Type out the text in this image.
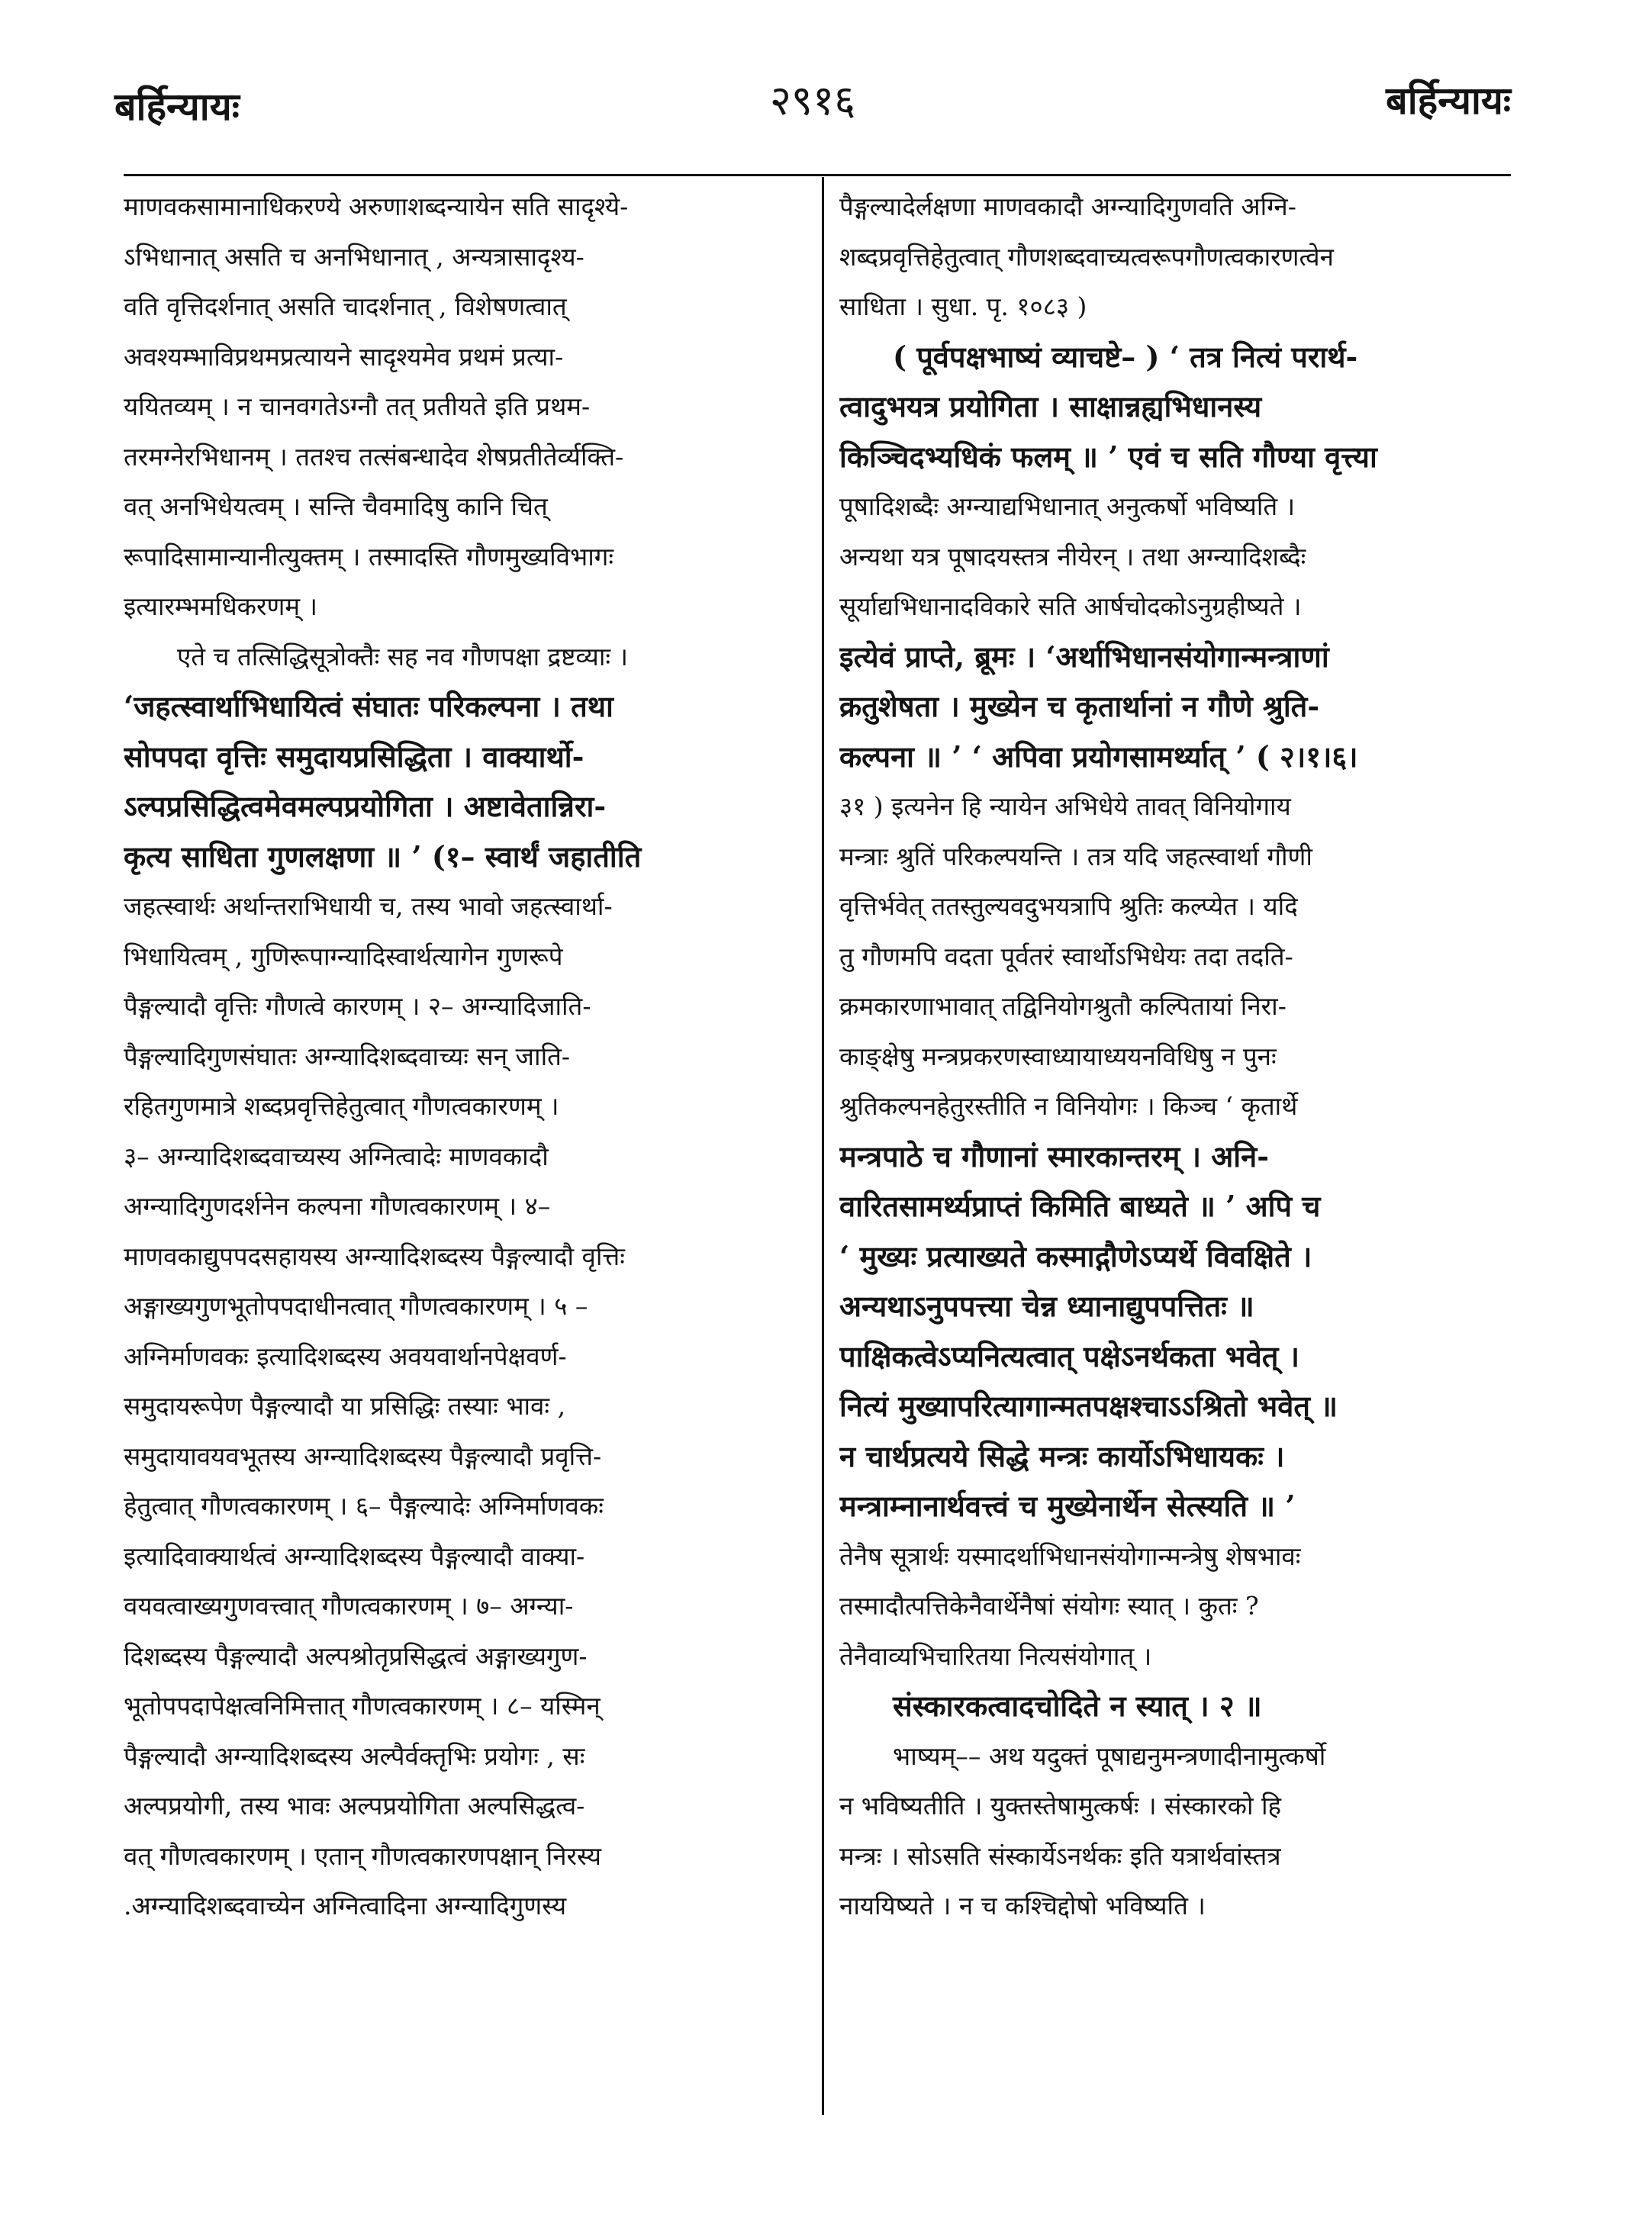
बर्हिन्यायः	२९१६	बर्हिन्यायः
माणवकसामानाधिकरण्ये अरुणाशब्दन्यायेन सति सादृश्ये-
ऽभिधानात् असति च अनभिधानात् , अन्यत्रासादृश्य-
वति वृत्तिदर्शनात् असति चादर्शनात् , विशेषणत्वात्
अवश्यम्भाविप्रथमप्रत्यायने सादृश्यमेव प्रथमं प्रत्या-
ययितव्यम् । न चानवगतेऽग्नौ तत् प्रतीयते इति प्रथम-
तरमग्नेरभिधानम् । ततश्च तत्संबन्धादेव शेषप्रतीतेर्व्यक्ति-
वत् अनभिधेयत्वम् । सन्ति चैवमादिषु कानि चित्
रूपादिसामान्यानीत्युक्तम् । तस्मादस्ति गौणमुख्यविभागः
इत्यारम्भमधिकरणम् ।
एते च तत्सिद्धिसूत्रोक्तैः सह नव गौणपक्षा द्रष्टव्याः ।
‘जहत्स्वार्थाभिधायित्वं संघातः परिकल्पना । तथा
सोपपदा वृत्तिः समुदायप्रसिद्धिता । वाक्यार्थो-
ऽल्पप्रसिद्धित्वमेवमल्पप्रयोगिता । अष्टावेतान्निरा-
कृत्य साधिता गुणलक्षणा ॥ ’ (१– स्वार्थं जहातीति
जहत्स्वार्थः अर्थान्तराभिधायी च, तस्य भावो जहत्स्वार्था-
भिधायित्वम् , गुणिरूपाग्न्यादिस्वार्थत्यागेन गुणरूपे
पैङ्गल्यादौ वृत्तिः गौणत्वे कारणम् । २– अग्न्यादिजाति-
पैङ्गल्यादिगुणसंघातः अग्न्यादिशब्दवाच्यः सन् जाति-
रहितगुणमात्रे शब्दप्रवृत्तिहेतुत्वात् गौणत्वकारणम् ।
३– अग्न्यादिशब्दवाच्यस्य अग्नित्वादेः माणवकादौ
अग्न्यादिगुणदर्शनेन कल्पना गौणत्वकारणम् । ४–
माणवकाद्युपपदसहायस्य अग्न्यादिशब्दस्य पैङ्गल्यादौ वृत्तिः
अङ्गाख्यगुणभूतोपपदाधीनत्वात् गौणत्वकारणम् । ५ –
अग्निर्माणवकः इत्यादिशब्दस्य अवयवार्थानपेक्षवर्ण-
समुदायरूपेण पैङ्गल्यादौ या प्रसिद्धिः तस्याः भावः ,
समुदायावयवभूतस्य अग्न्यादिशब्दस्य पैङ्गल्यादौ प्रवृत्ति-
हेतुत्वात् गौणत्वकारणम् । ६– पैङ्गल्यादेः अग्निर्माणवकः
इत्यादिवाक्यार्थत्वं अग्न्यादिशब्दस्य पैङ्गल्यादौ वाक्या-
वयवत्वाख्यगुणवत्त्वात् गौणत्वकारणम् । ७– अग्न्या-
दिशब्दस्य पैङ्गल्यादौ अल्पश्रोतृप्रसिद्धत्वं अङ्गाख्यगुण-
भूतोपपदापेक्षत्वनिमित्तात् गौणत्वकारणम् । ८– यस्मिन्
पैङ्गल्यादौ अग्न्यादिशब्दस्य अल्पैर्वक्तृभिः प्रयोगः , सः
अल्पप्रयोगी, तस्य भावः अल्पप्रयोगिता अल्पसिद्धत्व-
वत् गौणत्वकारणम् । एतान् गौणत्वकारणपक्षान् निरस्य
.अग्न्यादिशब्दवाच्येन अग्नित्वादिना अग्न्यादिगुणस्य
पैङ्गल्यादेर्लक्षणा माणवकादौ अग्न्यादिगुणवति अग्नि-
शब्दप्रवृत्तिहेतुत्वात् गौणशब्दवाच्यत्वरूपगौणत्वकारणत्वेन
साधिता । सुधा. पृ. १०८३ )
( पूर्वपक्षभाष्यं व्याचष्टे– ) ‘ तत्र नित्यं परार्थ-
त्वादुभयत्र प्रयोगिता । साक्षान्नह्यभिधानस्य
किञ्चिदभ्यधिकं फलम् ॥ ’ एवं च सति गौण्या वृत्त्या
पूषादिशब्दैः अग्न्याद्यभिधानात् अनुत्कर्षो भविष्यति ।
अन्यथा यत्र पूषादयस्तत्र नीयेरन् । तथा अग्न्यादिशब्दैः
सूर्याद्यभिधानादविकारे सति आर्षचोदकोऽनुग्रहीष्यते ।
इत्येवं प्राप्ते, ब्रूमः । ‘अर्थाभिधानसंयोगान्मन्त्राणां
क्रतुशेषता । मुख्येन च कृतार्थानां न गौणे श्रुति-
कल्पना ॥ ’ ‘ अपिवा प्रयोगसामर्थ्यात् ’ ( २।१।६।
३१ ) इत्यनेन हि न्यायेन अभिधेये तावत् विनियोगाय
मन्त्राः श्रुतिं परिकल्पयन्ति । तत्र यदि जहत्स्वार्था गौणी
वृत्तिर्भवेत् ततस्तुल्यवदुभयत्रापि श्रुतिः कल्प्येत । यदि
तु गौणमपि वदता पूर्वतरं स्वार्थोऽभिधेयः तदा तदति-
क्रमकारणाभावात् तद्विनियोगश्रुतौ कल्पितायां निरा-
काङ्क्षेषु मन्त्रप्रकरणस्वाध्यायाध्ययनविधिषु न पुनः
श्रुतिकल्पनहेतुरस्तीति न विनियोगः । किञ्च ‘ कृतार्थे
मन्त्रपाठे च गौणानां स्मारकान्तरम् । अनि-
वारितसामर्थ्यप्राप्तं किमिति बाध्यते ॥ ’ अपि च
‘ मुख्यः प्रत्याख्यते कस्माद्गौणेऽप्यर्थे विवक्षिते ।
अन्यथाऽनुपपत्त्या चेन्न ध्यानाद्युपपत्तितः ॥
पाक्षिकत्वेऽप्यनित्यत्वात् पक्षेऽनर्थकता भवेत् ।
नित्यं मुख्यापरित्यागान्मतपक्षश्चाऽऽश्रितो भवेत् ॥
न चार्थप्रत्यये सिद्धे मन्त्रः कार्योऽभिधायकः ।
मन्त्राम्नानार्थवत्त्वं च मुख्येनार्थेन सेत्स्यति ॥ ’
तेनैष सूत्रार्थः यस्मादर्थाभिधानसंयोगान्मन्त्रेषु शेषभावः
तस्मादौत्पत्तिकेनैवार्थेनैषां संयोगः स्यात् । कुतः ?
तेनैवाव्यभिचारितया नित्यसंयोगात् ।
संस्कारकत्वादचोदिते न स्यात् । २ ॥
भाष्यम्–– अथ यदुक्तं पूषाद्यनुमन्त्रणादीनामुत्कर्षो
न भविष्यतीति । युक्तस्तेषामुत्कर्षः । संस्कारको हि
मन्त्रः । सोऽसति संस्कार्येऽनर्थकः इति यत्रार्थवांस्तत्र
नाययिष्यते । न च कश्चिद्दोषो भविष्यति ।
